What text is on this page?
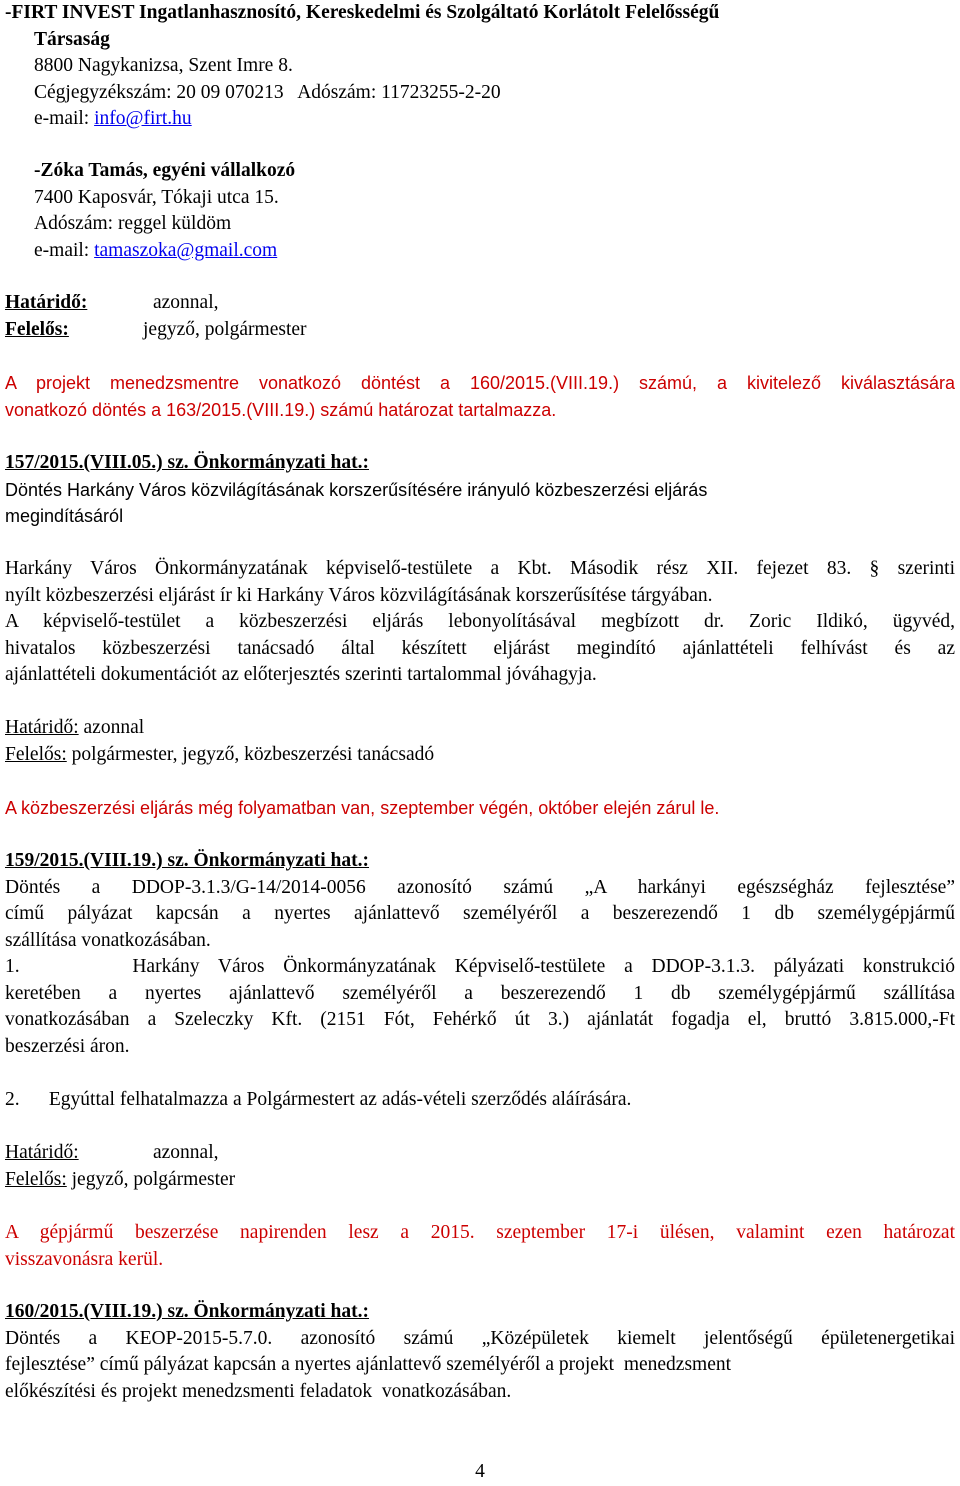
-FIRT INVEST Ingatlanhasznosító, Kereskedelmi és Szolgáltató Korlátolt Felelősségű
Társaság
8800 Nagykanizsa, Szent Imre 8.
Cégjegyzékszám: 20 09 070213   Adószám: 11723255-2-20
e-mail: info@firt.hu
-Zóka Tamás, egyéni vállalkozó
7400 Kaposvár, Tókaji utca 15.
Adószám: reggel küldöm
e-mail: tamaszoka@gmail.com
Határidő:	azonnal,
Felelős:	jegyző, polgármester
A projekt menedzsmentre vonatkozó döntést a 160/2015.(VIII.19.) számú, a kivitelező kiválasztására
vonatkozó döntés a 163/2015.(VIII.19.) számú határozat tartalmazza.
157/2015.(VIII.05.) sz. Önkormányzati hat.:
Döntés Harkány Város közvilágításának korszerűsítésére irányuló közbeszerzési eljárás
megindításáról
Harkány Város Önkormányzatának képviselő-testülete a Kbt. Második rész XII. fejezet 83. § szerinti
nyílt közbeszerzési eljárást ír ki Harkány Város közvilágításának korszerűsítése tárgyában.
A képviselő-testület a közbeszerzési eljárás lebonyolításával megbízott dr. Zoric Ildikó, ügyvéd,
hivatalos közbeszerzési tanácsadó által készített eljárást megindító ajánlattételi felhívást és az
ajánlattételi dokumentációt az előterjesztés szerinti tartalommal jóváhagyja.
Határidő: azonnal
Felelős: polgármester, jegyző, közbeszerzési tanácsadó
A közbeszerzési eljárás még folyamatban van, szeptember végén, október elején zárul le.
159/2015.(VIII.19.) sz. Önkormányzati hat.:
Döntés a DDOP-3.1.3/G-14/2014-0056 azonosító számú „A harkányi egészségház fejlesztése”
című pályázat kapcsán a nyertes ajánlattevő személyéről a beszerezendő 1 db személygépjármű
szállítása vonatkozásában.
1.      Harkány Város Önkormányzatának Képviselő-testülete a DDOP-3.1.3. pályázati konstrukció
keretében a nyertes ajánlattevő személyéről a beszerezendő 1 db személygépjármű szállítása
vonatkozásában a Szeleczky Kft. (2151 Fót, Fehérkő út 3.) ajánlatát fogadja el, bruttó 3.815.000,-Ft
beszerzési áron.
2.      Egyúttal felhatalmazza a Polgármestert az adás-vételi szerződés aláírására.
Határidő:	azonnal,
Felelős: jegyző, polgármester
A gépjármű beszerzése napirenden lesz a 2015. szeptember 17-i ülésen, valamint ezen határozat
visszavonásra kerül.
160/2015.(VIII.19.) sz. Önkormányzati hat.:
Döntés a KEOP-2015-5.7.0. azonosító számú „Középületek kiemelt jelentőségű épületenergetikai
fejlesztése” című pályázat kapcsán a nyertes ajánlattevő személyéről a projekt  menedzsment
előkészítési és projekt menedzsmenti feladatok  vonatkozásában.
4
